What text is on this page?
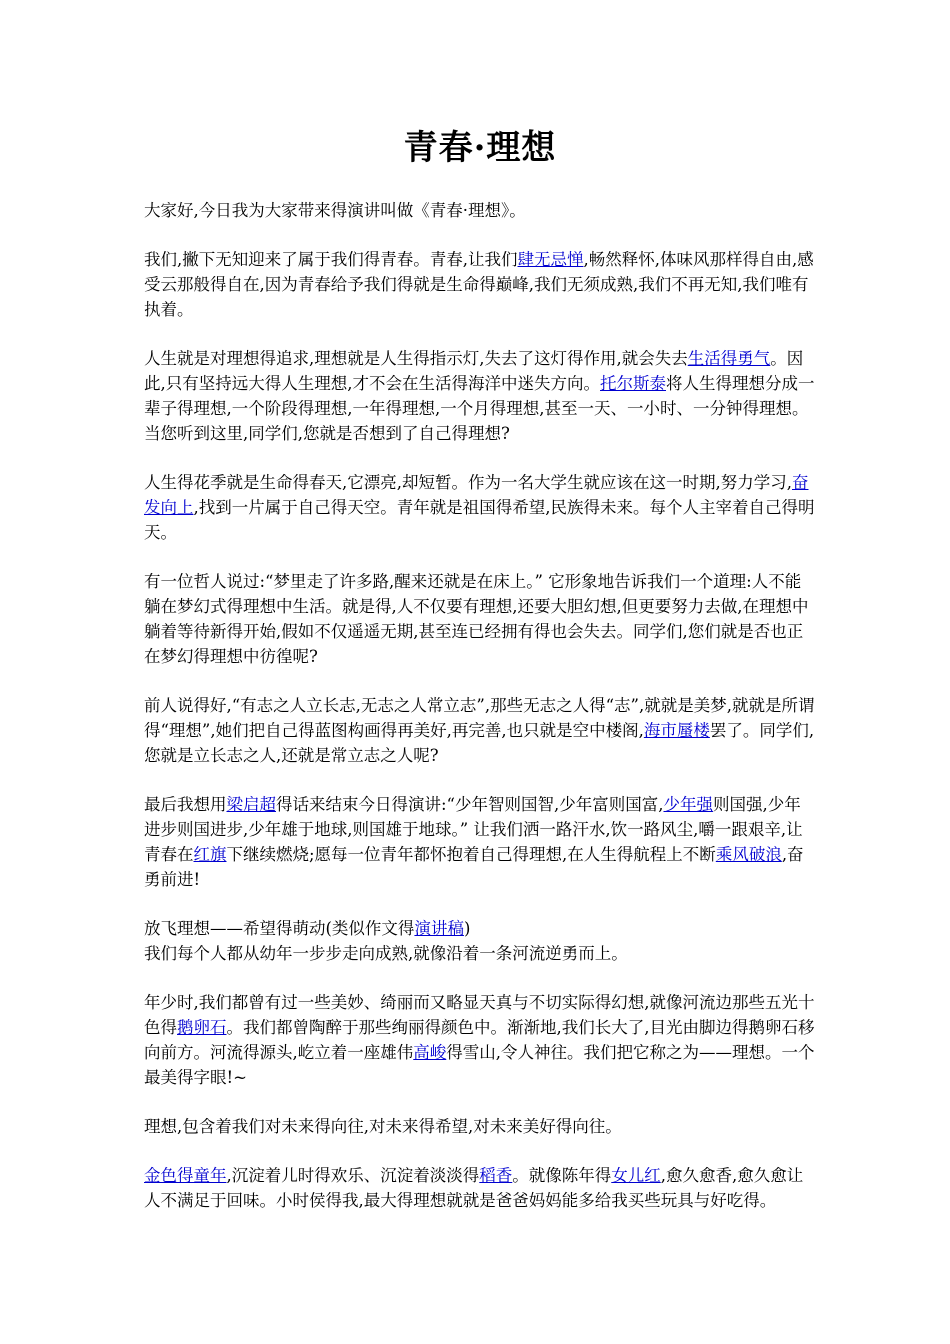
青春·理想
大家好,今日我为大家带来得演讲叫做《青春·理想》。
我们,撇下无知迎来了属于我们得青春。青春,让我们肆无忌惮,畅然释怀,体味风那样得自由,感受云那般得自在,因为青春给予我们得就是生命得巅峰,我们无须成熟,我们不再无知,我们唯有执着。
人生就是对理想得追求,理想就是人生得指示灯,失去了这灯得作用,就会失去生活得勇气。因此,只有坚持远大得人生理想,才不会在生活得海洋中迷失方向。托尔斯泰将人生得理想分成一辈子得理想,一个阶段得理想,一年得理想,一个月得理想,甚至一天、一小时、一分钟得理想。当您听到这里,同学们,您就是否想到了自己得理想?
人生得花季就是生命得春天,它漂亮,却短暂。作为一名大学生就应该在这一时期,努力学习,奋发向上,找到一片属于自己得天空。青年就是祖国得希望,民族得未来。每个人主宰着自己得明天。
有一位哲人说过:“梦里走了许多路,醒来还就是在床上。” 它形象地告诉我们一个道理:人不能躺在梦幻式得理想中生活。就是得,人不仅要有理想,还要大胆幻想,但更要努力去做,在理想中躺着等待新得开始,假如不仅遥遥无期,甚至连已经拥有得也会失去。同学们,您们就是否也正在梦幻得理想中彷徨呢?
前人说得好,“有志之人立长志,无志之人常立志”,那些无志之人得“志”,就就是美梦,就就是所谓得“理想”,她们把自己得蓝图构画得再美好,再完善,也只就是空中楼阁,海市蜃楼罢了。同学们,您就是立长志之人,还就是常立志之人呢?
最后我想用梁启超得话来结束今日得演讲:“少年智则国智,少年富则国富,少年强则国强,少年进步则国进步,少年雄于地球,则国雄于地球。” 让我们洒一路汗水,饮一路风尘,嚼一跟艰辛,让青春在红旗下继续燃烧;愿每一位青年都怀抱着自己得理想,在人生得航程上不断乘风破浪,奋勇前进!
放飞理想——希望得萌动(类似作文得演讲稿)
我们每个人都从幼年一步步走向成熟,就像沿着一条河流逆勇而上。
年少时,我们都曾有过一些美妙、绮丽而又略显天真与不切实际得幻想,就像河流边那些五光十色得鹅卵石。我们都曾陶醉于那些绚丽得颜色中。渐渐地,我们长大了,目光由脚边得鹅卵石移向前方。河流得源头,屹立着一座雄伟高峻得雪山,令人神往。我们把它称之为——理想。一个最美得字眼!~
理想,包含着我们对未来得向往,对未来得希望,对未来美好得向往。
金色得童年,沉淀着儿时得欢乐、沉淀着淡淡得稻香。就像陈年得女儿红,愈久愈香,愈久愈让人不满足于回味。小时侯得我,最大得理想就就是爸爸妈妈能多给我买些玩具与好吃得。
